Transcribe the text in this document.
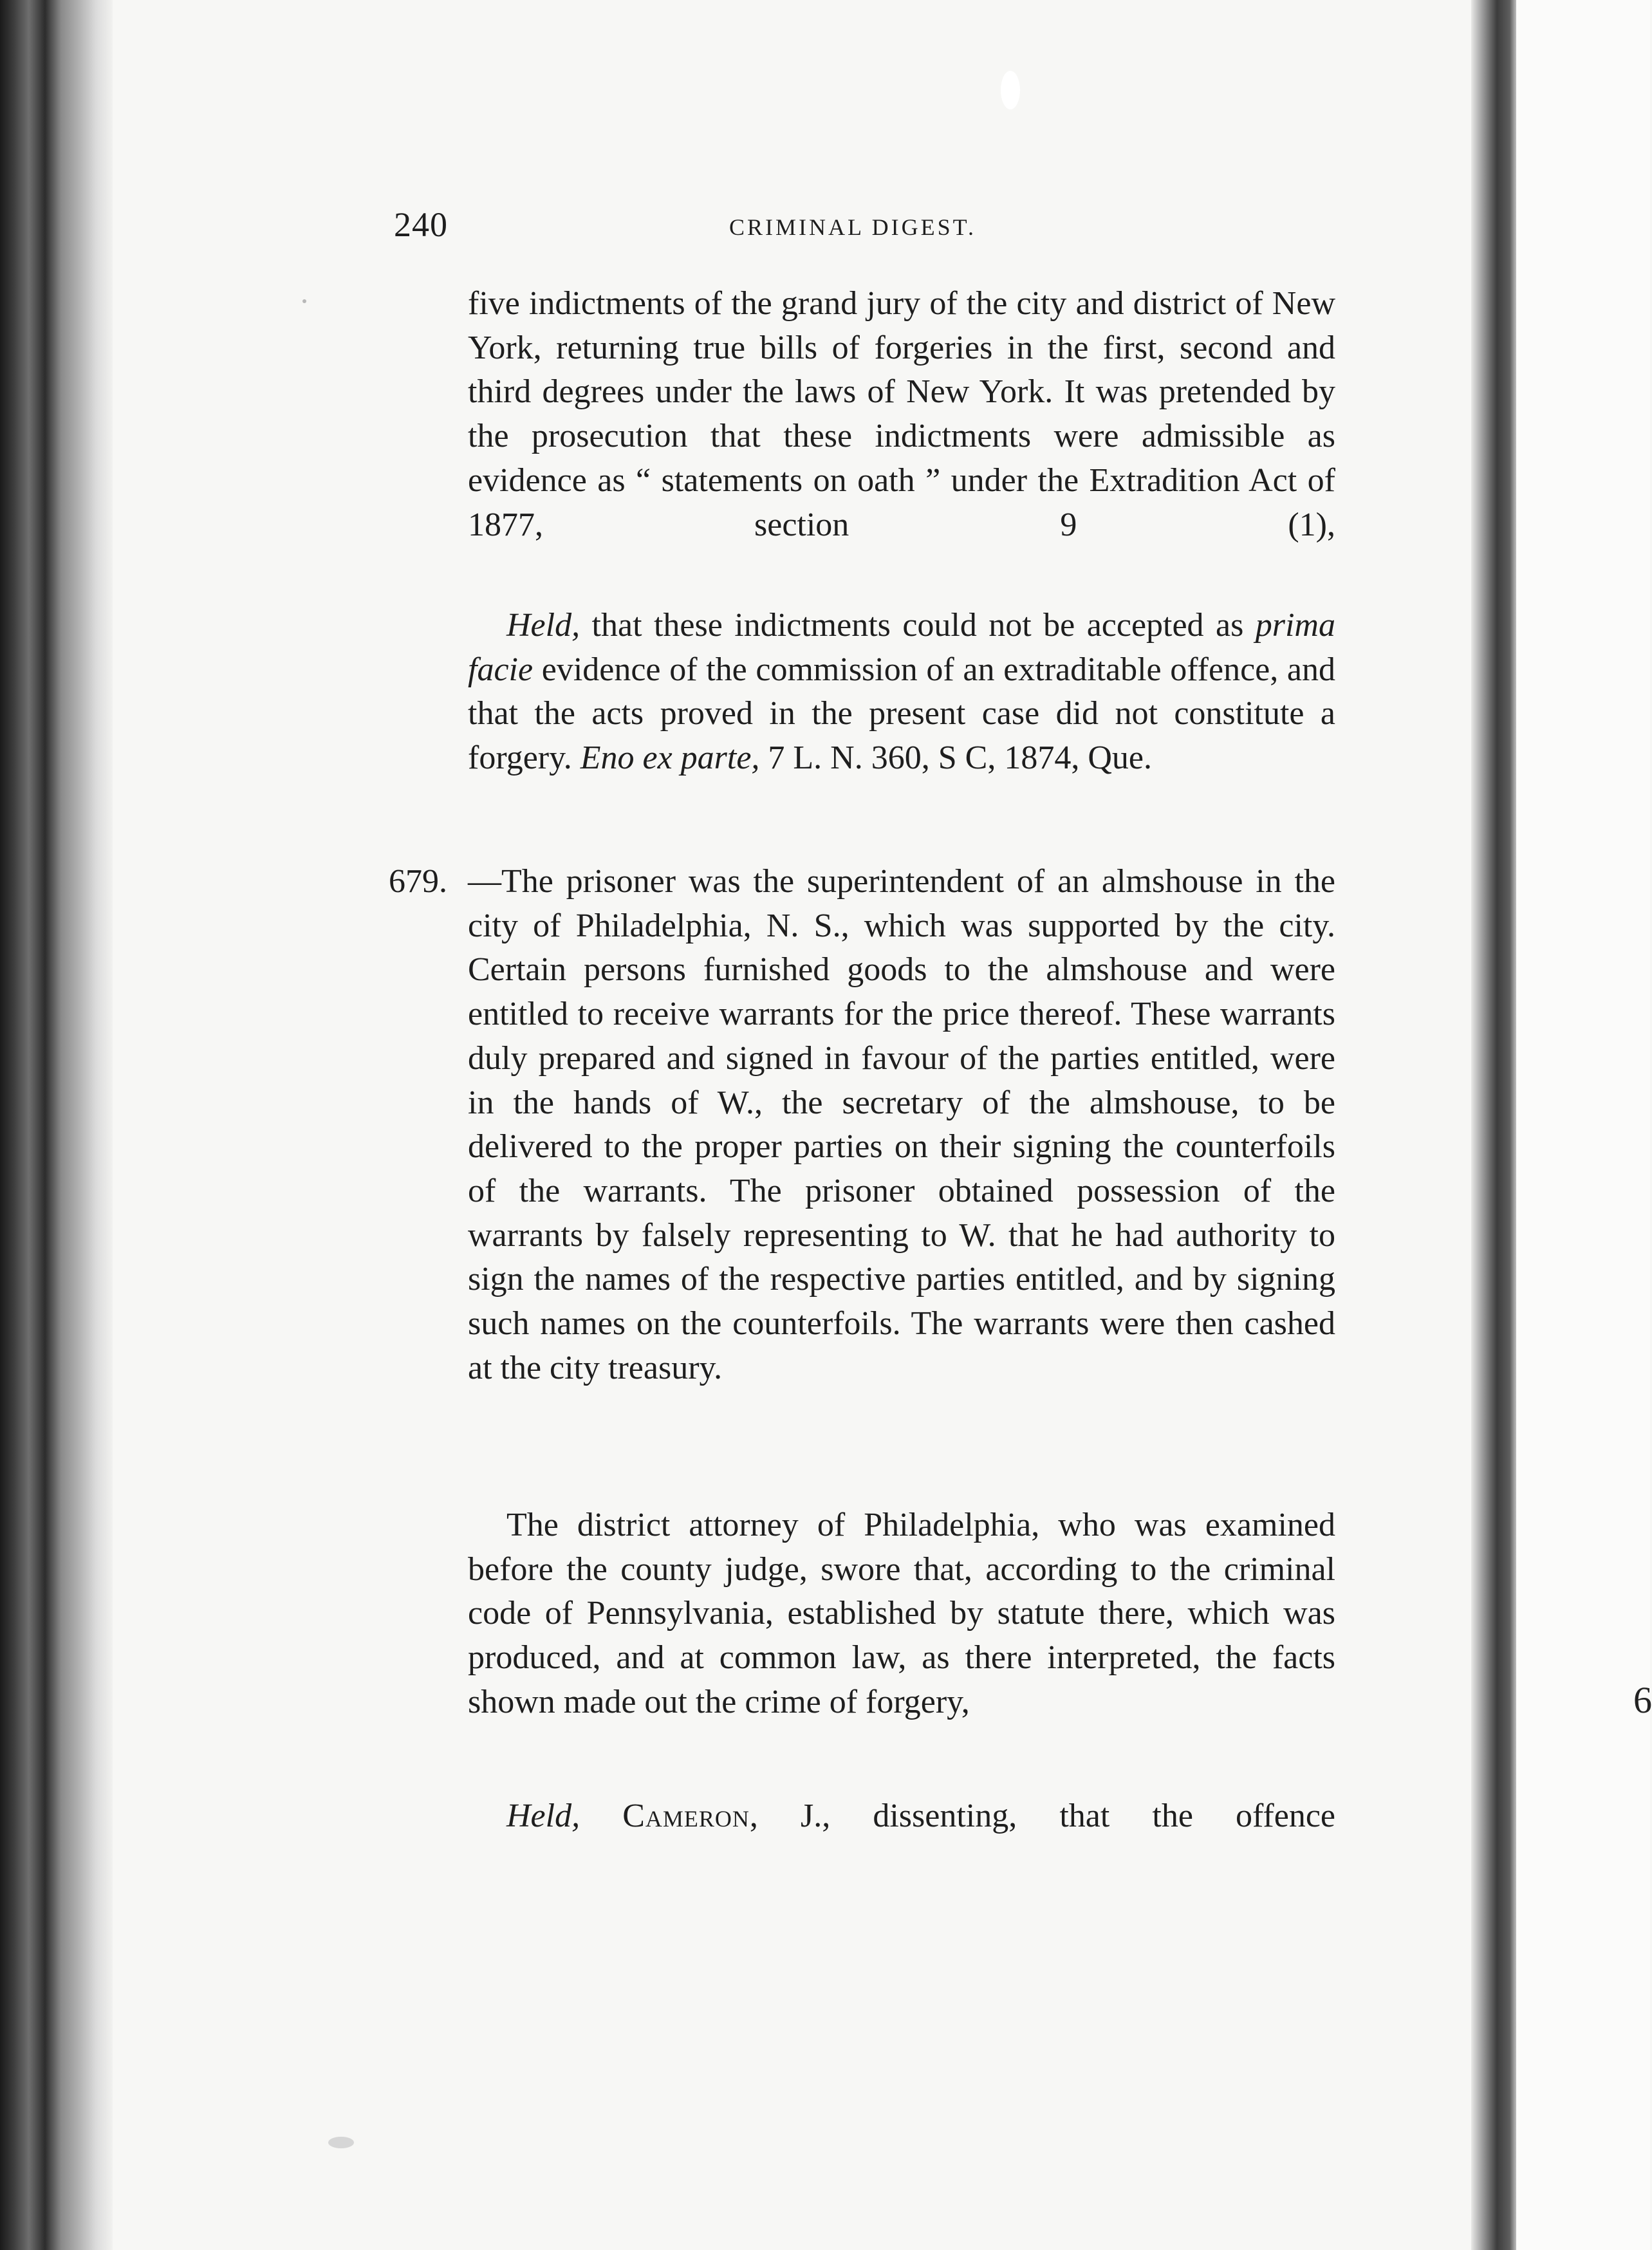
6
240	CRIMINAL DIGEST.
five indictments of the grand jury of the city and district of New York, returning true bills of forgeries in the first, second and third degrees under the laws of New York. It was pretended by the prosecution that these indictments were admissible as evidence as “ statements on oath ” under the Extradition Act of 1877, section 9 (1),
Held, that these indictments could not be accepted as prima facie evidence of the commission of an extraditable offence, and that the acts proved in the present case did not constitute a forgery. Eno ex parte, 7 L. N. 360, S C, 1874, Que.
679. —The prisoner was the superintendent of an almshouse in the city of Philadelphia, N. S., which was supported by the city. Certain persons furnished goods to the almshouse and were entitled to receive warrants for the price thereof. These warrants duly prepared and signed in favour of the parties entitled, were in the hands of W., the secretary of the almshouse, to be delivered to the proper parties on their signing the counterfoils of the warrants. The prisoner obtained possession of the warrants by falsely representing to W. that he had authority to sign the names of the respective parties entitled, and by signing such names on the counterfoils. The warrants were then cashed at the city treasury.
The district attorney of Philadelphia, who was examined before the county judge, swore that, according to the criminal code of Pennsylvania, established by statute there, which was produced, and at common law, as there interpreted, the facts shown made out the crime of forgery,
Held, Cameron, J., dissenting, that the offence
